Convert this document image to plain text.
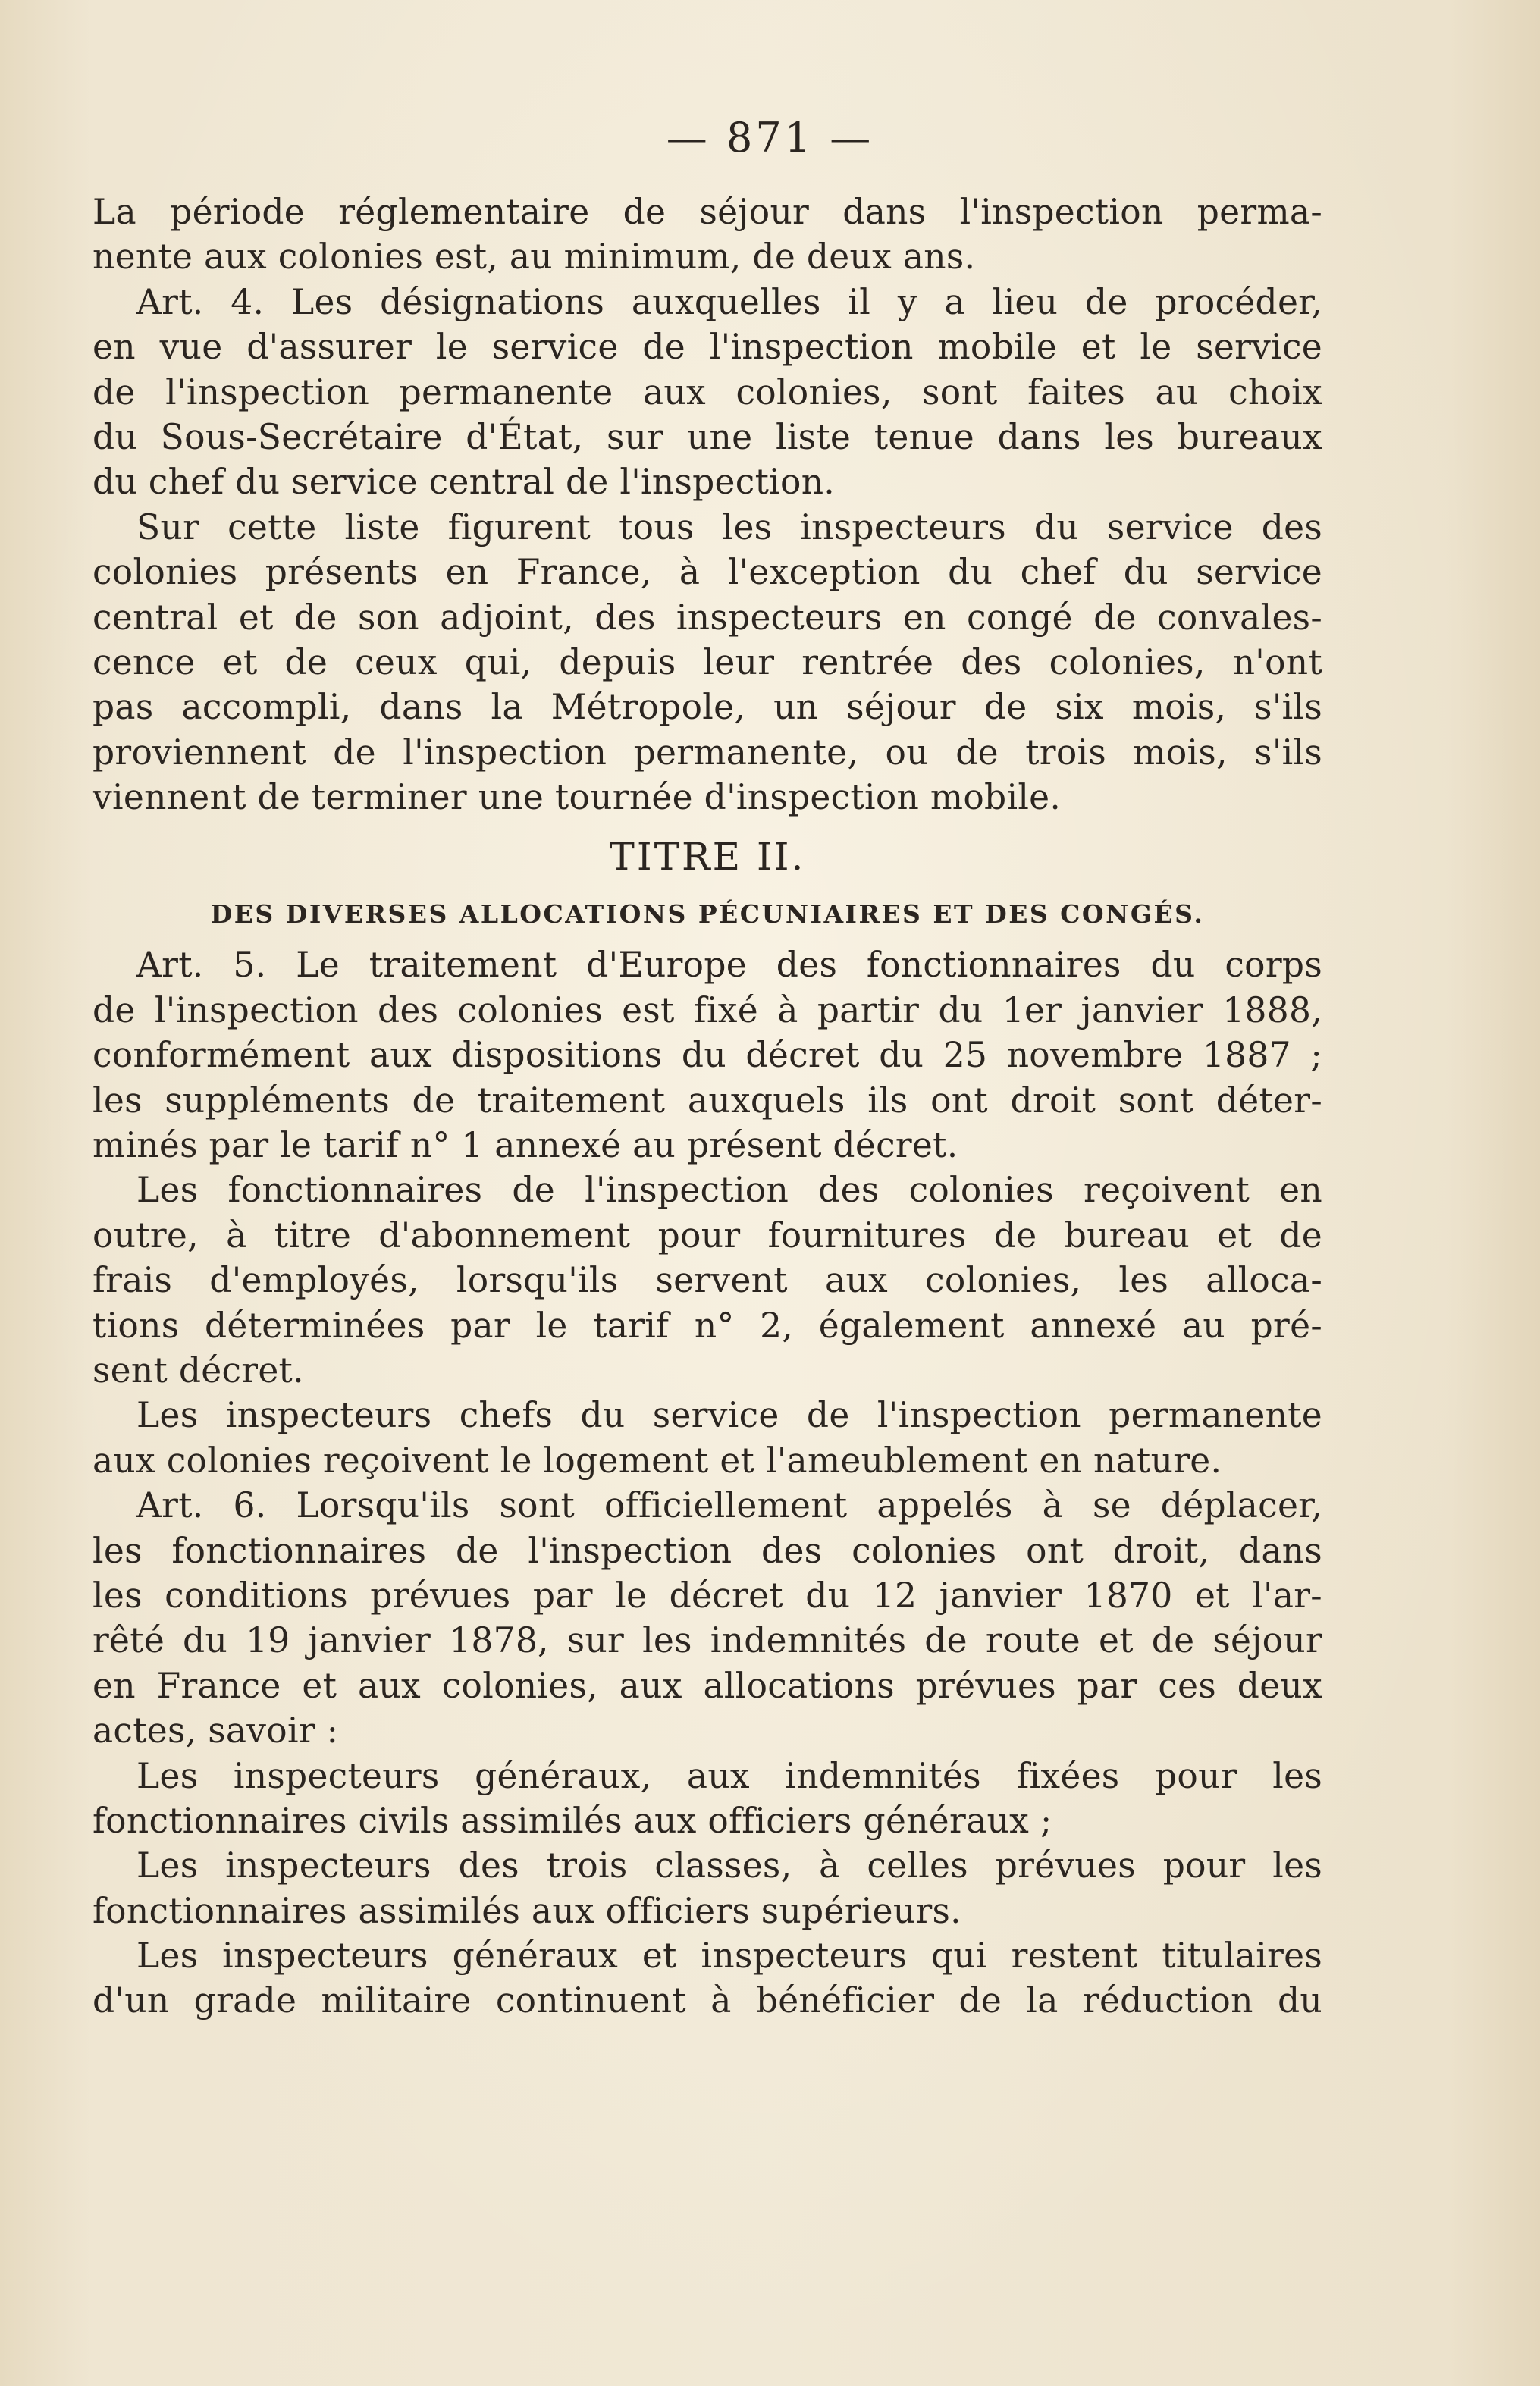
— 871 —
La période réglementaire de séjour dans l'inspection perma-
nente aux colonies est, au minimum, de deux ans.
Art. 4. Les désignations auxquelles il y a lieu de procéder,
en vue d'assurer le service de l'inspection mobile et le service
de l'inspection permanente aux colonies, sont faites au choix
du Sous-Secrétaire d'État, sur une liste tenue dans les bureaux
du chef du service central de l'inspection.
Sur cette liste figurent tous les inspecteurs du service des
colonies présents en France, à l'exception du chef du service
central et de son adjoint, des inspecteurs en congé de convales-
cence et de ceux qui, depuis leur rentrée des colonies, n'ont
pas accompli, dans la Métropole, un séjour de six mois, s'ils
proviennent de l'inspection permanente, ou de trois mois, s'ils
viennent de terminer une tournée d'inspection mobile.
TITRE II.
DES DIVERSES ALLOCATIONS PÉCUNIAIRES ET DES CONGÉS.
Art. 5. Le traitement d'Europe des fonctionnaires du corps
de l'inspection des colonies est fixé à partir du 1er janvier 1888,
conformément aux dispositions du décret du 25 novembre 1887 ;
les suppléments de traitement auxquels ils ont droit sont déter-
minés par le tarif n° 1 annexé au présent décret.
Les fonctionnaires de l'inspection des colonies reçoivent en
outre, à titre d'abonnement pour fournitures de bureau et de
frais d'employés, lorsqu'ils servent aux colonies, les alloca-
tions déterminées par le tarif n° 2, également annexé au pré-
sent décret.
Les inspecteurs chefs du service de l'inspection permanente
aux colonies reçoivent le logement et l'ameublement en nature.
Art. 6. Lorsqu'ils sont officiellement appelés à se déplacer,
les fonctionnaires de l'inspection des colonies ont droit, dans
les conditions prévues par le décret du 12 janvier 1870 et l'ar-
rêté du 19 janvier 1878, sur les indemnités de route et de séjour
en France et aux colonies, aux allocations prévues par ces deux
actes, savoir :
Les inspecteurs généraux, aux indemnités fixées pour les
fonctionnaires civils assimilés aux officiers généraux ;
Les inspecteurs des trois classes, à celles prévues pour les
fonctionnaires assimilés aux officiers supérieurs.
Les inspecteurs généraux et inspecteurs qui restent titulaires
d'un grade militaire continuent à bénéficier de la réduction du
